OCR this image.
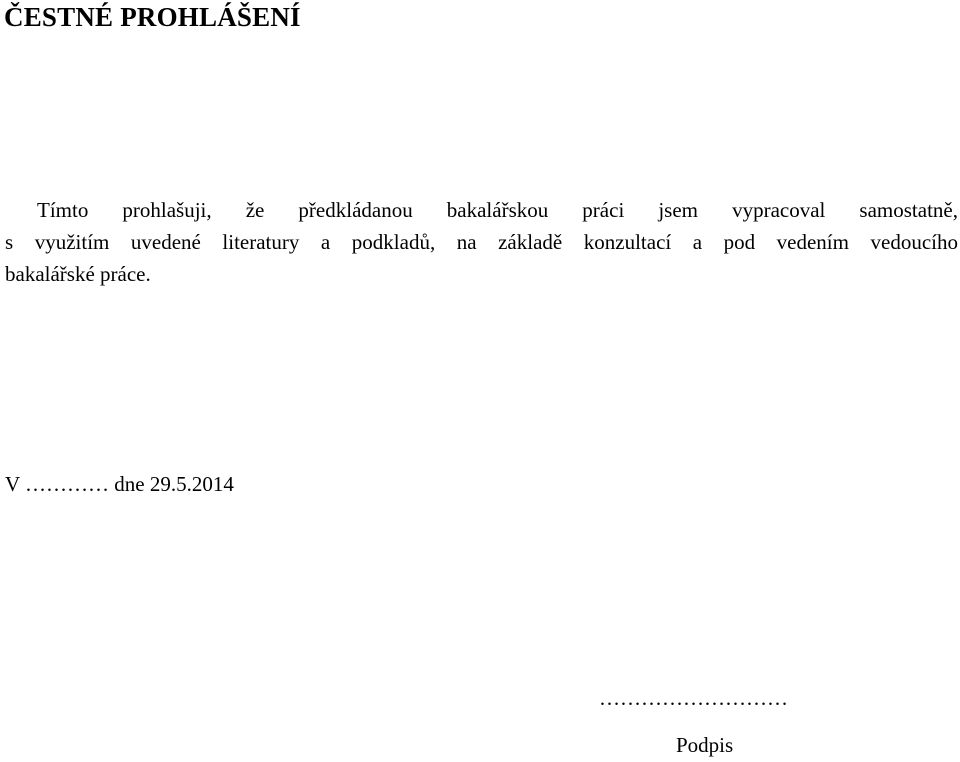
ČESTNÉ PROHLÁŠENÍ
Tímto prohlašuji, že předkládanou bakalářskou práci jsem vypracoval samostatně,
s využitím uvedené literatury a podkladů, na základě konzultací a pod vedením vedoucího
bakalářské práce.
V ………… dne 29.5.2014
………………………
Podpis
